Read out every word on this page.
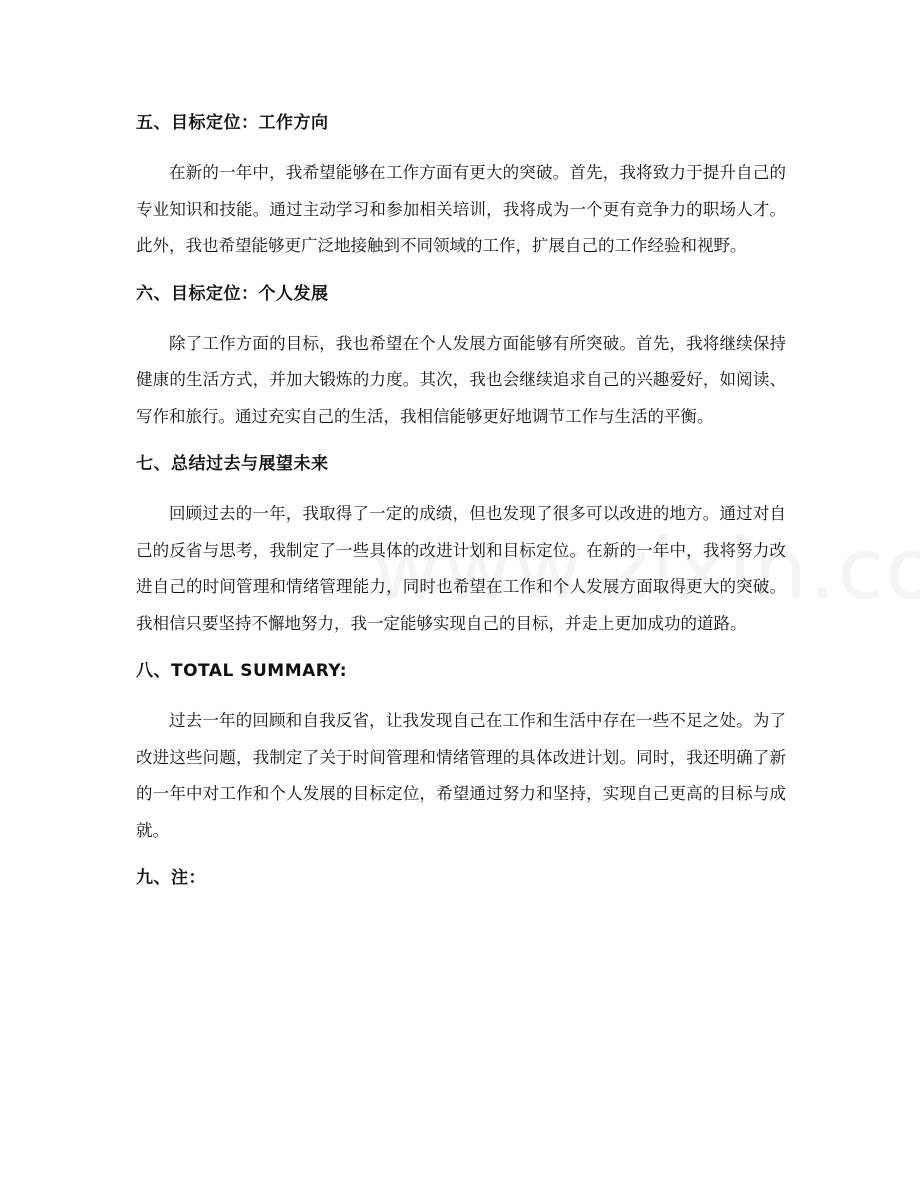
五、目标定位：工作方向

在新的一年中，我希望能够在工作方面有更大的突破。首先，我将致力于提升自己的专业知识和技能。通过主动学习和参加相关培训，我将成为一个更有竞争力的职场人才。此外，我也希望能够更广泛地接触到不同领域的工作，扩展自己的工作经验和视野。

六、目标定位：个人发展

除了工作方面的目标，我也希望在个人发展方面能够有所突破。首先，我将继续保持健康的生活方式，并加大锻炼的力度。其次，我也会继续追求自己的兴趣爱好，如阅读、写作和旅行。通过充实自己的生活，我相信能够更好地调节工作与生活的平衡。

七、总结过去与展望未来

回顾过去的一年，我取得了一定的成绩，但也发现了很多可以改进的地方。通过对自己的反省与思考，我制定了一些具体的改进计划和目标定位。在新的一年中，我将努力改进自己的时间管理和情绪管理能力，同时也希望在工作和个人发展方面取得更大的突破。我相信只要坚持不懈地努力，我一定能够实现自己的目标，并走上更加成功的道路。

八、TOTAL SUMMARY:

过去一年的回顾和自我反省，让我发现自己在工作和生活中存在一些不足之处。为了改进这些问题，我制定了关于时间管理和情绪管理的具体改进计划。同时，我还明确了新的一年中对工作和个人发展的目标定位，希望通过努力和坚持，实现自己更高的目标与成就。

九、注：
